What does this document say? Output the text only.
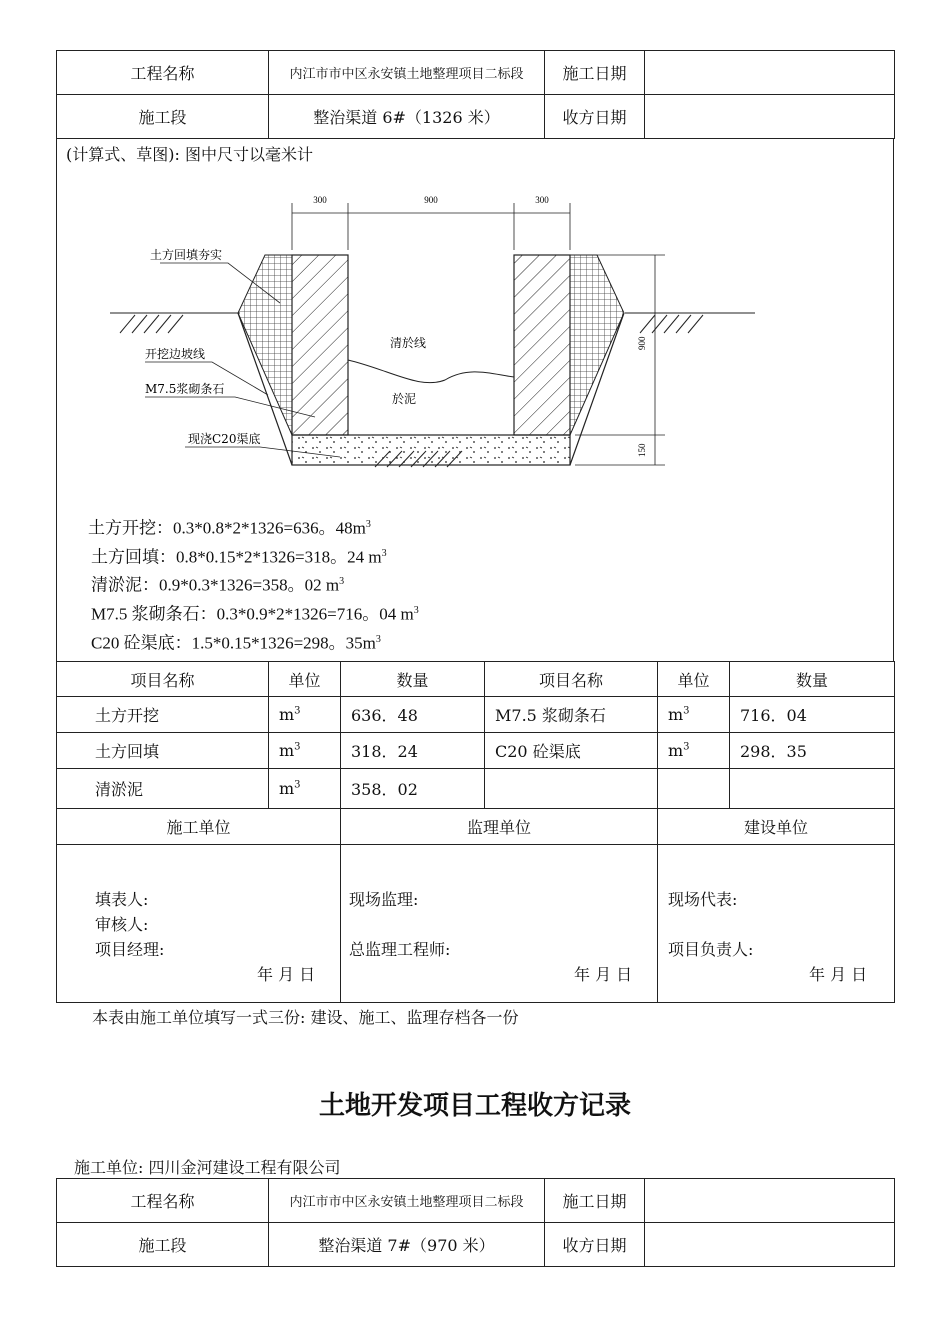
工程名称	内江市市中区永安镇土地整理项目二标段	施工日期	
施工段	整治渠道 6#（1326 米）	收方日期	
(计算式、草图): 图中尺寸以毫米计
300	900	300
900
150
土方回填夯实
开挖边坡线
M7.5浆砌条石
现浇C20渠底
清於线
於泥
土方开挖：0.3*0.8*2*1326=636。$48m^3$
土方回填：0.8*0.15*2*1326=318。24 $m^3$
清淤泥：0.9*0.3*1326=358。02 $m^3$
M7.5 浆砌条石：0.3*0.9*2*1326=716。04 $m^3$
C20 砼渠底：1.5*0.15*1326=298。$35m^3$
项目名称	单位	数量	项目名称	单位	数量
土方开挖	$m^3$	636．48	M7.5 浆砌条石	$m^3$	716．04
土方回填	$m^3$	318．24	C20 砼渠底	$m^3$	298．35
清淤泥	$m^3$	358．02			
施工单位	监理单位	建设单位

填表人:
审核人:
项目经理:
年 月 日
现场监理:
总监理工程师:
年 月 日
现场代表:
项目负责人:
年 月 日
本表由施工单位填写一式三份: 建设、施工、监理存档各一份
土地开发项目工程收方记录
施工单位: 四川金河建设工程有限公司
工程名称	内江市市中区永安镇土地整理项目二标段	施工日期	
施工段	整治渠道 7#（970 米）	收方日期	
